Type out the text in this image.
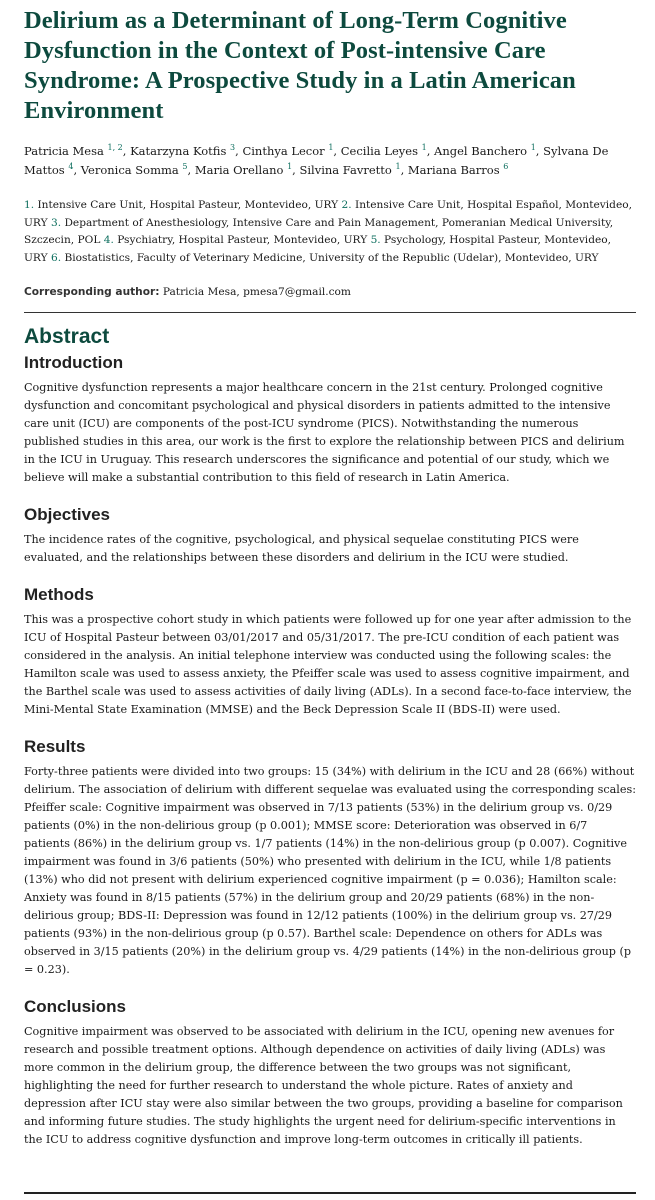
Delirium as a Determinant of Long-Term Cognitive Dysfunction in the Context of Post-intensive Care Syndrome: A Prospective Study in a Latin American Environment
Patricia Mesa $^{1, 2}$, Katarzyna Kotfis $^3$, Cinthya Lecor $^1$, Cecilia Leyes $^1$, Angel Banchero $^1$, Sylvana De Mattos $^4$, Veronica Somma $^5$, Maria Orellano $^1$, Silvina Favretto $^1$, Mariana Barros $^6$
1. Intensive Care Unit, Hospital Pasteur, Montevideo, URY 2. Intensive Care Unit, Hospital Español, Montevideo, URY 3. Department of Anesthesiology, Intensive Care and Pain Management, Pomeranian Medical University, Szczecin, POL 4. Psychiatry, Hospital Pasteur, Montevideo, URY 5. Psychology, Hospital Pasteur, Montevideo, URY 6. Biostatistics, Faculty of Veterinary Medicine, University of the Republic (Udelar), Montevideo, URY
Corresponding author: Patricia Mesa, pmesa7@gmail.com
Abstract
Introduction

Cognitive dysfunction represents a major healthcare concern in the 21st century. Prolonged cognitive dysfunction and concomitant psychological and physical disorders in patients admitted to the intensive care unit (ICU) are components of the post-ICU syndrome (PICS). Notwithstanding the numerous published studies in this area, our work is the first to explore the relationship between PICS and delirium in the ICU in Uruguay. This research underscores the significance and potential of our study, which we believe will make a substantial contribution to this field of research in Latin America.

Objectives

The incidence rates of the cognitive, psychological, and physical sequelae constituting PICS were evaluated, and the relationships between these disorders and delirium in the ICU were studied.

Methods

This was a prospective cohort study in which patients were followed up for one year after admission to the ICU of Hospital Pasteur between 03/01/2017 and 05/31/2017. The pre-ICU condition of each patient was considered in the analysis. An initial telephone interview was conducted using the following scales: the Hamilton scale was used to assess anxiety, the Pfeiffer scale was used to assess cognitive impairment, and the Barthel scale was used to assess activities of daily living (ADLs). In a second face-to-face interview, the Mini-Mental State Examination (MMSE) and the Beck Depression Scale II (BDS-II) were used.

Results

Forty-three patients were divided into two groups: 15 (34%) with delirium in the ICU and 28 (66%) without delirium. The association of delirium with different sequelae was evaluated using the corresponding scales: Pfeiffer scale: Cognitive impairment was observed in 7/13 patients (53%) in the delirium group vs. 0/29 patients (0%) in the non-delirious group (p 0.001); MMSE score: Deterioration was observed in 6/7 patients (86%) in the delirium group vs. 1/7 patients (14%) in the non-delirious group (p 0.007). Cognitive impairment was found in 3/6 patients (50%) who presented with delirium in the ICU, while 1/8 patients (13%) who did not present with delirium experienced cognitive impairment (p = 0.036); Hamilton scale: Anxiety was found in 8/15 patients (57%) in the delirium group and 20/29 patients (68%) in the non-delirious group; BDS-II: Depression was found in 12/12 patients (100%) in the delirium group vs. 27/29 patients (93%) in the non-delirious group (p 0.57). Barthel scale: Dependence on others for ADLs was observed in 3/15 patients (20%) in the delirium group vs. 4/29 patients (14%) in the non-delirious group (p = 0.23).

Conclusions

Cognitive impairment was observed to be associated with delirium in the ICU, opening new avenues for research and possible treatment options. Although dependence on activities of daily living (ADLs) was more common in the delirium group, the difference between the two groups was not significant, highlighting the need for further research to understand the whole picture. Rates of anxiety and depression after ICU stay were also similar between the two groups, providing a baseline for comparison and informing future studies. The study highlights the urgent need for delirium-specific interventions in the ICU to address cognitive dysfunction and improve long-term outcomes in critically ill patients.
